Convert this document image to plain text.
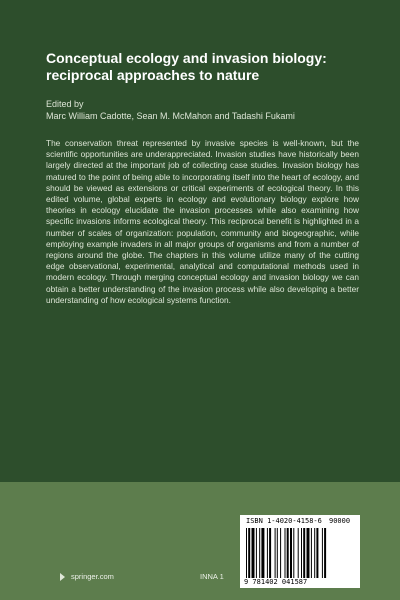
Conceptual ecology and invasion biology:
reciprocal approaches to nature
Edited by
Marc William Cadotte, Sean M. McMahon and Tadashi Fukami

The conservation threat represented by invasive species is well-known, but the scientific opportunities are underappreciated. Invasion studies have historically been largely directed at the important job of collecting case studies. Invasion biology has matured to the point of being able to incorporating itself into the heart of ecology, and should be viewed as extensions or critical experiments of ecological theory. In this edited volume, global experts in ecology and evolutionary biology explore how theories in ecology elucidate the invasion processes while also examining how specific invasions informs ecological theory. This reciprocal benefit is highlighted in a number of scales of organization: population, community and biogeographic, while employing example invaders in all major groups of organisms and from a number of regions around the globe. The chapters in this volume utilize many of the cutting edge observational, experimental, analytical and computational methods used in modern ecology. Through merging conceptual ecology and invasion biology we can obtain a better understanding of the invasion process while also developing a better understanding of how ecological systems function.

springer.com	INNA 1
ISBN 1-4020-4158-6	90000
9 781402 041587
